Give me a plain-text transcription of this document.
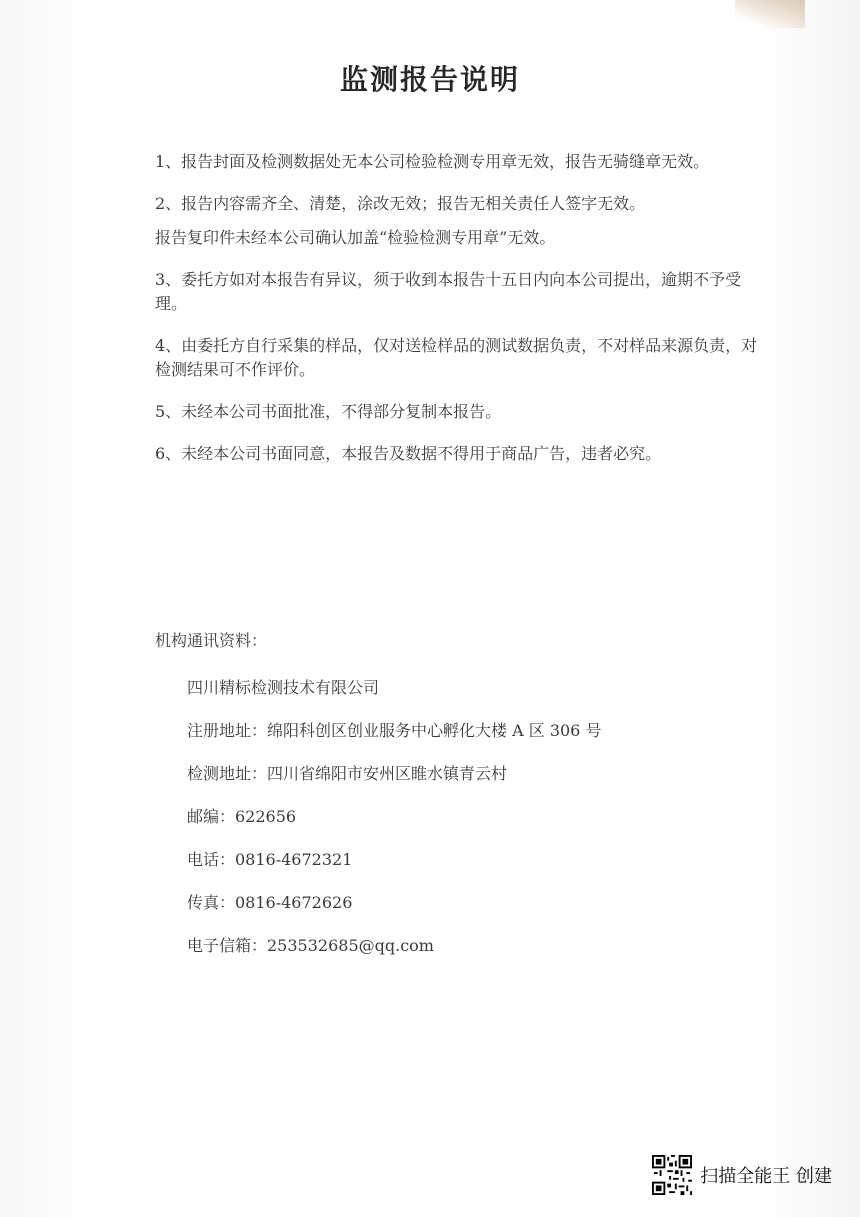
监测报告说明

1、报告封面及检测数据处无本公司检验检测专用章无效，报告无骑缝章无效。

2、报告内容需齐全、清楚，涂改无效；报告无相关责任人签字无效。

报告复印件未经本公司确认加盖“检验检测专用章”无效。

3、委托方如对本报告有异议，须于收到本报告十五日内向本公司提出，逾期不予受理。

4、由委托方自行采集的样品，仅对送检样品的测试数据负责，不对样品来源负责，对检测结果可不作评价。

5、未经本公司书面批准，不得部分复制本报告。

6、未经本公司书面同意，本报告及数据不得用于商品广告，违者必究。

机构通讯资料：
四川精标检测技术有限公司
注册地址：绵阳科创区创业服务中心孵化大楼 A 区 306 号
检测地址：四川省绵阳市安州区睢水镇青云村
邮编：622656
电话：0816-4672321
传真：0816-4672626
电子信箱：253532685@qq.com
扫描全能王 创建
